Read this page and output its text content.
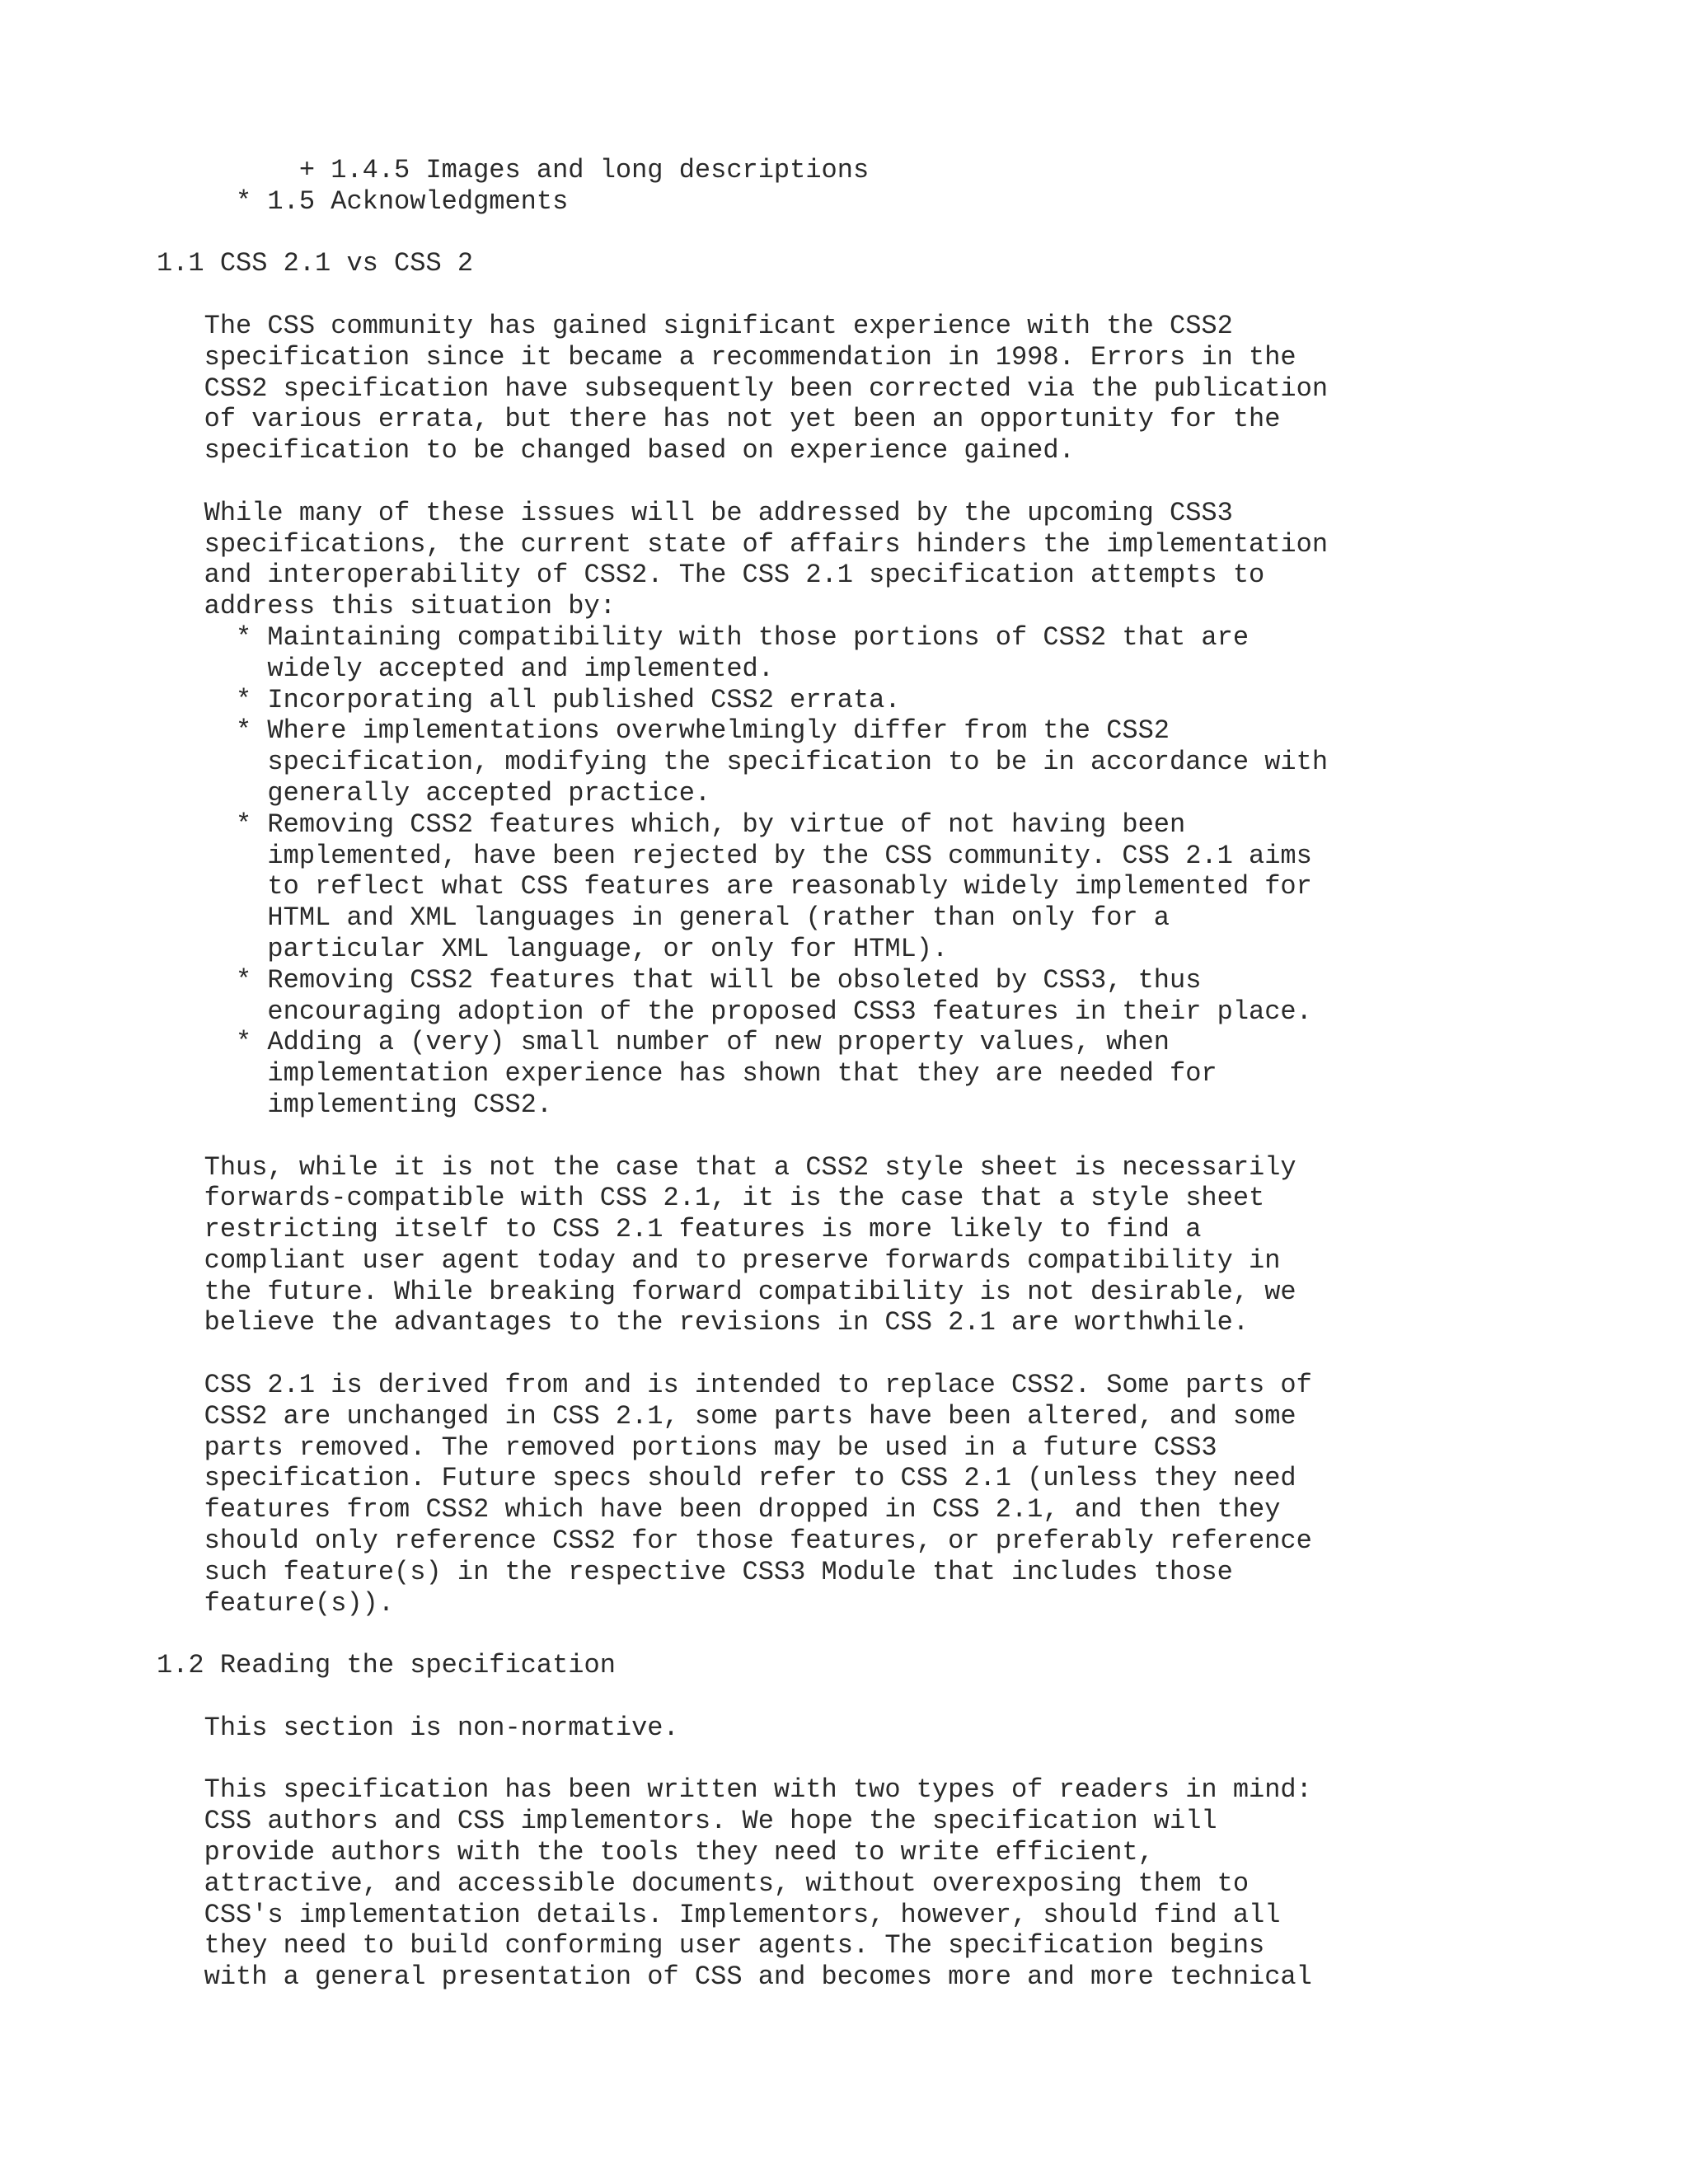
+ 1.4.5 Images and long descriptions
* 1.5 Acknowledgments
1.1 CSS 2.1 vs CSS 2
The CSS community has gained significant experience with the CSS2
specification since it became a recommendation in 1998. Errors in the
CSS2 specification have subsequently been corrected via the publication
of various errata, but there has not yet been an opportunity for the
specification to be changed based on experience gained.
While many of these issues will be addressed by the upcoming CSS3
specifications, the current state of affairs hinders the implementation
and interoperability of CSS2. The CSS 2.1 specification attempts to
address this situation by:
* Maintaining compatibility with those portions of CSS2 that are
widely accepted and implemented.
* Incorporating all published CSS2 errata.
* Where implementations overwhelmingly differ from the CSS2
specification, modifying the specification to be in accordance with
generally accepted practice.
* Removing CSS2 features which, by virtue of not having been
implemented, have been rejected by the CSS community. CSS 2.1 aims
to reflect what CSS features are reasonably widely implemented for
HTML and XML languages in general (rather than only for a
particular XML language, or only for HTML).
* Removing CSS2 features that will be obsoleted by CSS3, thus
encouraging adoption of the proposed CSS3 features in their place.
* Adding a (very) small number of new property values, when
implementation experience has shown that they are needed for
implementing CSS2.
Thus, while it is not the case that a CSS2 style sheet is necessarily
forwards-compatible with CSS 2.1, it is the case that a style sheet
restricting itself to CSS 2.1 features is more likely to find a
compliant user agent today and to preserve forwards compatibility in
the future. While breaking forward compatibility is not desirable, we
believe the advantages to the revisions in CSS 2.1 are worthwhile.
CSS 2.1 is derived from and is intended to replace CSS2. Some parts of
CSS2 are unchanged in CSS 2.1, some parts have been altered, and some
parts removed. The removed portions may be used in a future CSS3
specification. Future specs should refer to CSS 2.1 (unless they need
features from CSS2 which have been dropped in CSS 2.1, and then they
should only reference CSS2 for those features, or preferably reference
such feature(s) in the respective CSS3 Module that includes those
feature(s)).
1.2 Reading the specification
This section is non-normative.
This specification has been written with two types of readers in mind:
CSS authors and CSS implementors. We hope the specification will
provide authors with the tools they need to write efficient,
attractive, and accessible documents, without overexposing them to
CSS's implementation details. Implementors, however, should find all
they need to build conforming user agents. The specification begins
with a general presentation of CSS and becomes more and more technical
